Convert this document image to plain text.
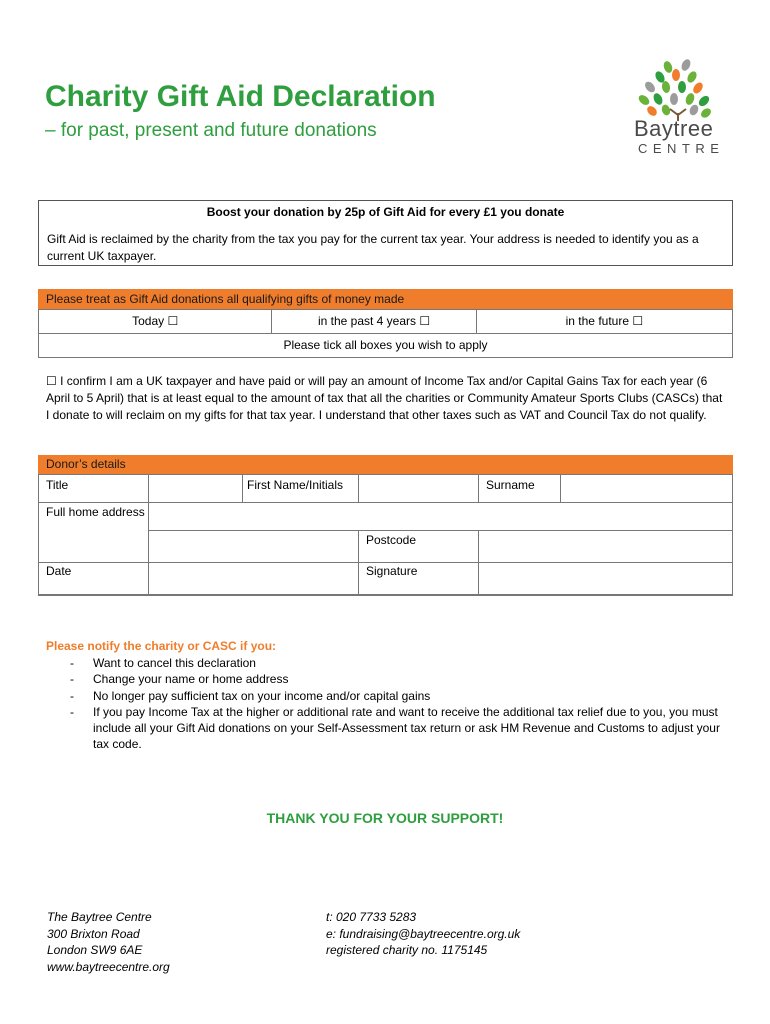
Charity Gift Aid Declaration
– for past, present and future donations	Baytree
CENTRE
Boost your donation by 25p of Gift Aid for every £1 you donate
Gift Aid is reclaimed by the charity from the tax you pay for the current tax year. Your address is needed to identify you as a current UK taxpayer.
Please treat as Gift Aid donations all qualifying gifts of money made
Today ☐	in the past 4 years ☐	in the future ☐
Please tick all boxes you wish to apply
☐ I confirm I am a UK taxpayer and have paid or will pay an amount of Income Tax and/or Capital Gains Tax for each year (6 April to 5 April) that is at least equal to the amount of tax that all the charities or Community Amateur Sports Clubs (CASCs) that I donate to will reclaim on my gifts for that tax year. I understand that other taxes such as VAT and Council Tax do not qualify.
Donor’s details
Title	First Name/Initials	Surname
Full home address
Postcode
Date	Signature
Please notify the charity or CASC if you:
- Want to cancel this declaration
- Change your name or home address
- No longer pay sufficient tax on your income and/or capital gains
- If you pay Income Tax at the higher or additional rate and want to receive the additional tax relief due to you, you must include all your Gift Aid donations on your Self-Assessment tax return or ask HM Revenue and Customs to adjust your tax code.
THANK YOU FOR YOUR SUPPORT!
The Baytree Centre
300 Brixton Road
London SW9 6AE
www.baytreecentre.org
t: 020 7733 5283
e: fundraising@baytreecentre.org.uk
registered charity no. 1175145
